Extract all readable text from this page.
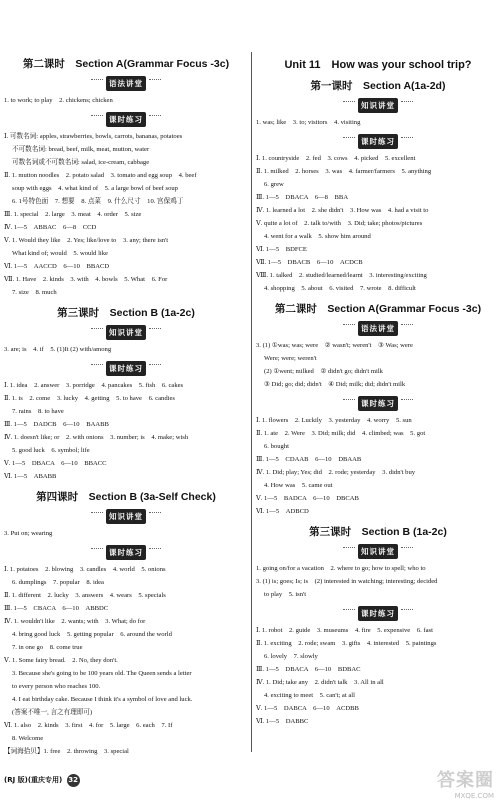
第二课时　Section A(Grammar Focus -3c)

语法讲堂
1. to work; to play　2. chickens; chicken
课时练习
Ⅰ. 可数名词: apples, strawberries, bowls, carrots, bananas, potatoes
不可数名词: bread, beef, milk, meat, mutton, water
可数名词或不可数名词: salad, ice-cream, cabbage
Ⅱ. 1. mutton noodles　2. potato salad　3. tomato and egg soup　4. beef
soup with eggs　4. what kind of　5. a large bowl of beef soup
6. 1号特色面　7. 想要　8. 点菜　9. 什么尺寸　10. 宫保鸡丁
Ⅲ. 1. special　2. large　3. meat　4. order　5. size
Ⅳ. 1—5　ABBAC　6—8　CCD
Ⅴ. 1. Would they like　2. Yes; like/love to　3. any; there isn't
What kind of; would　5. would like
Ⅵ. 1—5　AACCD　6—10　BBACD
Ⅶ. 1. Have　2. kinds　3. with　4. bowls　5. What　6. For
7. size　8. much

第三课时　Section B (1a-2c)

知识讲堂
3. are; is　4. if　5. (1)It (2) with/among
课时练习
Ⅰ. 1. idea　2. answer　3. porridge　4. pancakes　5. fish　6. cakes
Ⅱ. 1. is　2. come　3. lucky　4. getting　5. to have　6. candies
7. rains　8. to have
Ⅲ. 1—5　DADCB　6—10　BAABB
Ⅳ. 1. doesn't like; or　2. with onions　3. number; is　4. make; wish
5. good luck　6. symbol; life
Ⅴ. 1—5　DBACA　6—10　BBACC
Ⅵ. 1—5　ABABB

第四课时　Section B (3a-Self Check)

知识讲堂
3. Put on; wearing
课时练习
Ⅰ. 1. potatoes　2. blowing　3. candles　4. world　5. onions
6. dumplings　7. popular　8. idea
Ⅱ. 1. different　2. lucky　3. answers　4. wears　5. specials
Ⅲ. 1—5　CBACA　6—10　ABBDC
Ⅳ. 1. wouldn't like　2. wants; with　3. What; do for
4. bring good luck　5. getting popular　6. around the world
7. in one go　8. come true
Ⅴ. 1. Some fairy bread.　2. No, they don't.
3. Because she's going to be 100 years old. The Queen sends a letter
to every person who reaches 100.
4. I eat birthday cake. Because I think it's a symbol of love and luck.
(答案不唯一, 言之有理即可)
Ⅵ. 1. also　2. kinds　3. first　4. for　5. large　6. each　7. If
8. Welcome
【词海拾贝】1. free　2. throwing　3. special
Unit 11　How was your school trip?

第一课时　Section A(1a-2d)

知识讲堂
1. was; like　3. to; visitors　4. visiting
课时练习
Ⅰ. 1. countryside　2. fed　3. cows　4. picked　5. excellent
Ⅱ. 1. milked　2. horses　3. was　4. farmer/farmers　5. anything
6. grew
Ⅲ. 1—5　DBACA　6—8　BBA
Ⅳ. 1. learned a lot　2. she didn't　3. How was　4. had a visit to
Ⅴ. quite a lot of　2. talk to/with　3. Did; take; photos/pictures
4. went for a walk　5. show him around
Ⅵ. 1—5　BDFCE
Ⅶ. 1—5　DBACB　6—10　ACDCB
Ⅷ. 1. talked　2. studied/learned/learnt　3. interesting/exciting
4. shopping　5. about　6. visited　7. wrote　8. difficult

第二课时　Section A(Grammar Focus -3c)

语法讲堂
3. (1) ①was; was; were　② wasn't; weren't　③ Was; were
Were; were; weren't
(2) ①went; milked　② didn't go; didn't milk
③ Did; go; did; didn't　④ Did; milk; did; didn't milk
课时练习
Ⅰ. 1. flowers　2. Luckily　3. yesterday　4. worry　5. sun
Ⅱ. 1. ate　2. Were　3. Did; milk; did　4. climbed; was　5. got
6. bought
Ⅲ. 1—5　CDAAB　6—10　DBAAB
Ⅳ. 1. Did; play; Yes; did　2. rode; yesterday　3. didn't buy
4. How was　5. came out
Ⅴ. 1—5　BADCA　6—10　DBCAB
Ⅵ. 1—5　ADBCD

第三课时　Section B (1a-2c)

知识讲堂
1. going on/for a vacation　2. where to go; how to spell; who to
3. (1) is; goes; Is; is　(2) interested in watching; interesting; decided
to play　5. isn't
课时练习
Ⅰ. 1. robot　2. guide　3. museums　4. fire　5. expensive　6. fast
Ⅱ. 1. exciting　2. rode; swam　3. gifts　4. interested　5. paintings
6. lovely　7. slowly
Ⅲ. 1—5　DBACA　6—10　BDBAC
Ⅳ. 1. Did; take any　2. didn't talk　3. All in all
4. exciting to meet　5. can't; at all
Ⅴ. 1—5　DABCA　6—10　ACDBB
Ⅵ. 1—5　DABBC
(RJ 版)(重庆专用) 32	答案圈
MXQE.COM
